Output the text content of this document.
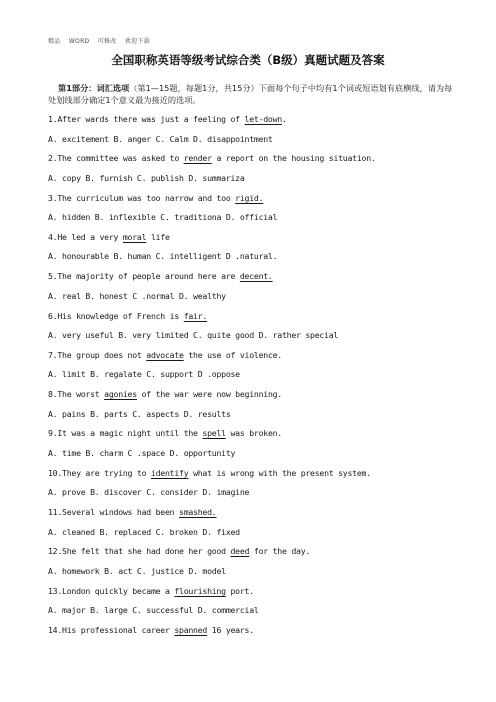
精品 WORD 可修改 欢迎下载
全国职称英语等级考试综合类（B级）真题试题及答案
第1部分：词汇选项（第1—15题，每题1分，共15分）下面每个句子中均有1个词或短语划有底横线，请为每处划线部分确定1个意义最为接近的选项。
1.After wards there was just a feeling of let-down.
A. excitement B. anger C. Calm D. disappointment
2.The committee was asked to render a report on the housing situation.
A. copy B. furnish C. publish D. summariza
3.The curriculum was too narrow and too rigid.
A. hidden B. inflexible C. traditiona D. official
4.He led a very moral life
A. honourable B. human C. intelligent D .natural.
5.The majority of people around here are decent.
A. real B. honest C .normal D. wealthy
6.His knowledge of French is fair.
A. very useful B. very limited C. quite good D. rather special
7.The group does not advocate the use of violence.
A. limit B. regalate C. support D .oppose
8.The worst agonies of the war were now beginning.
A. pains B. parts C. aspects D. results
9.It was a magic night until the spell was broken.
A. time B. charm C .space D. opportunity
10.They are trying to identify what is wrong with the present system.
A. prove B. discover C. consider D. imagine
11.Several windows had been smashed.
A. cleaned B. replaced C. broken D. fixed
12.She felt that she had done her good deed for the day.
A. homework B. act C. justice D. model
13.London quickly became a flourishing port.
A. major B. large C. successful D. commercial
14.His professional career spanned 16 years.
